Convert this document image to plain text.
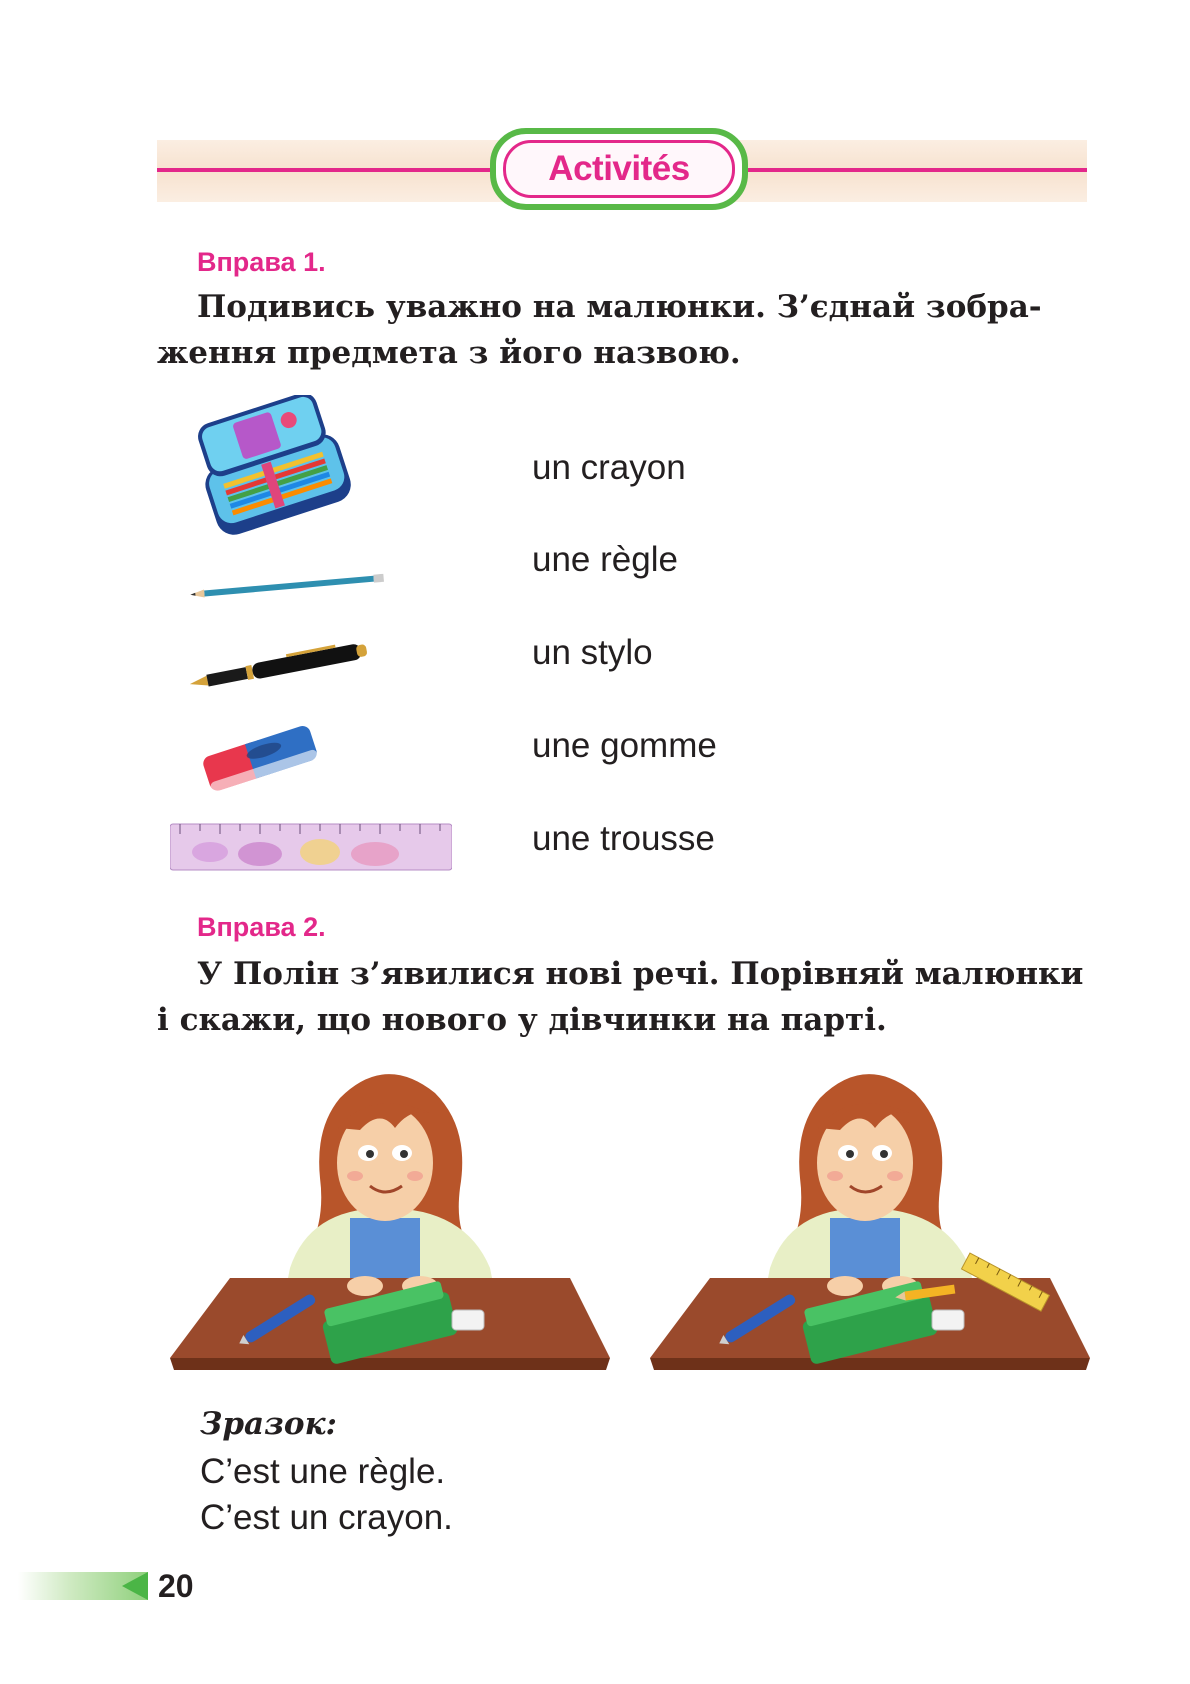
Activités
Вправа 1.
Подивись уважно на малюнки. З’єднай зобра-
ження предмета з його назвою.
un crayon
une règle
un stylo
une gomme
une trousse
Вправа 2.
У Полін з’явилися нові речі. Порівняй малюнки
і скажи, що нового у дівчинки на парті.
Зразок:
C’est une règle.
C’est un crayon.
20
